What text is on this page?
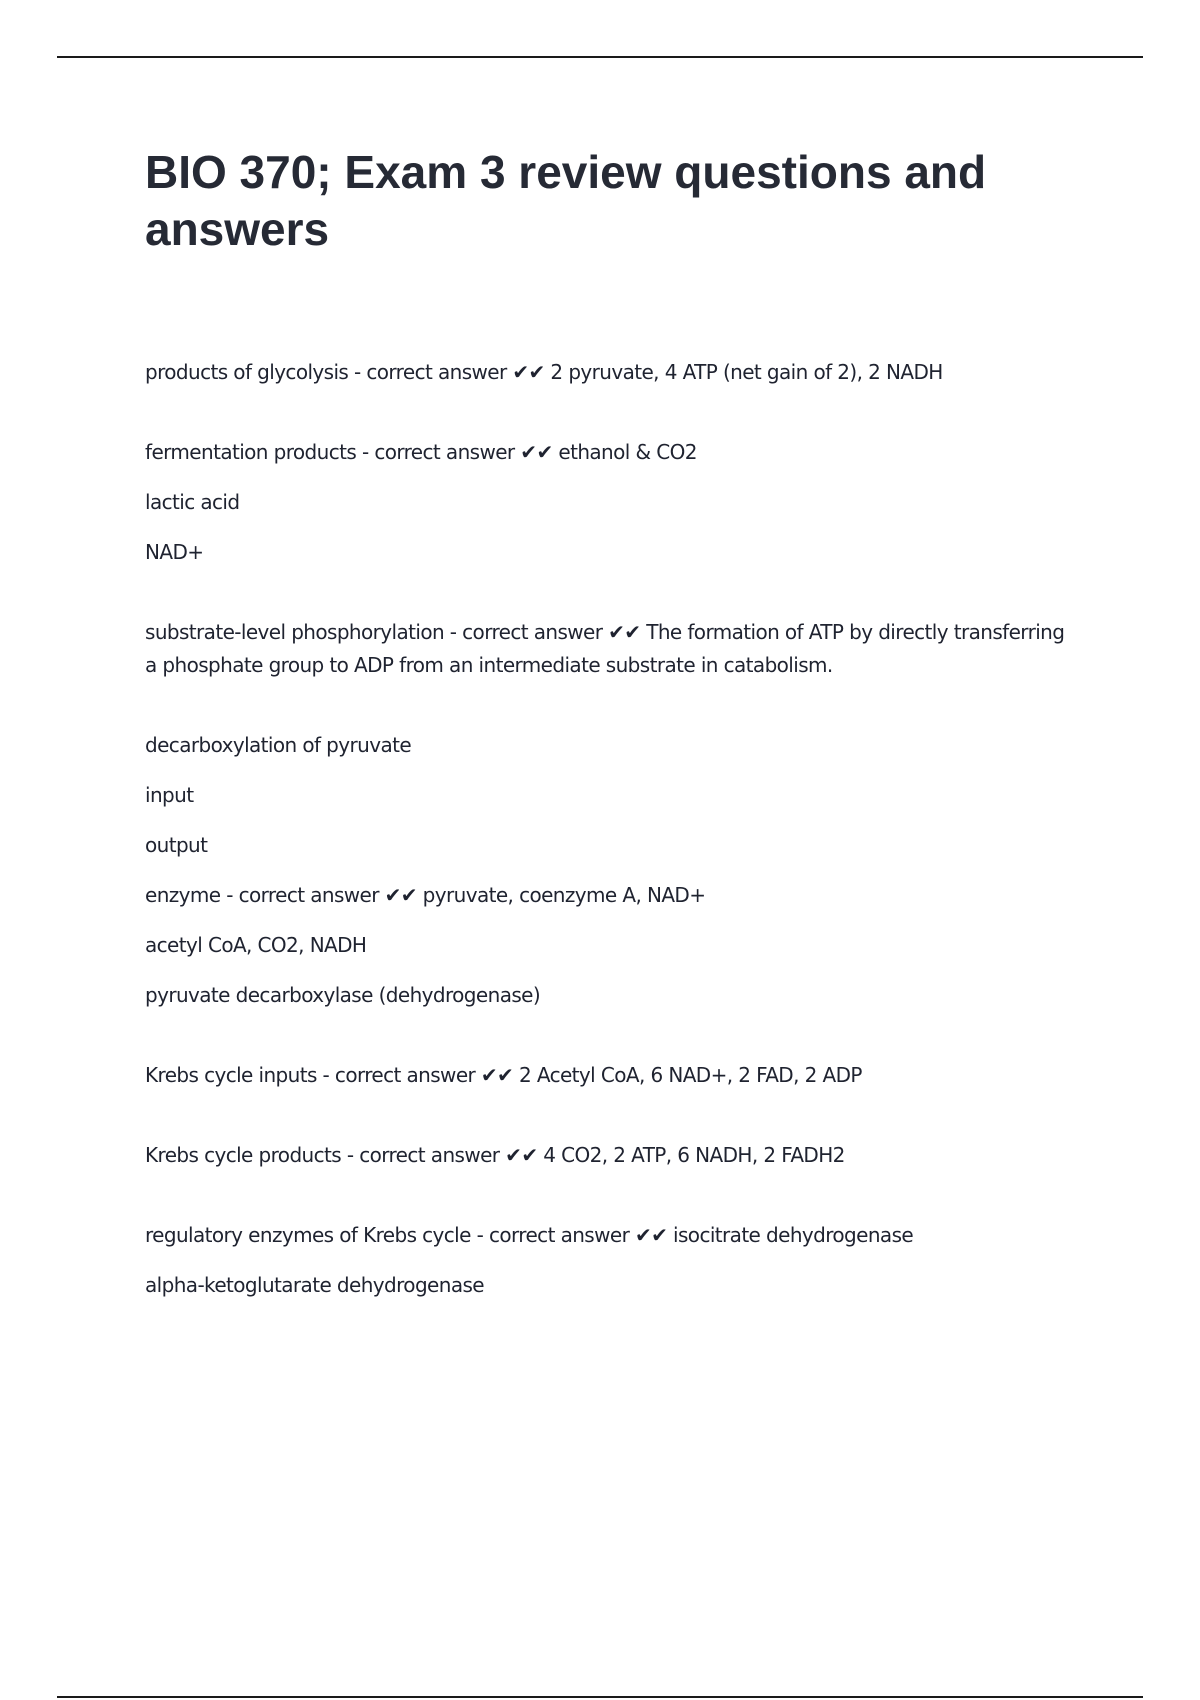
BIO 370; Exam 3 review questions and answers

products of glycolysis - correct answer ✔✔ 2 pyruvate, 4 ATP (net gain of 2), 2 NADH

fermentation products - correct answer ✔✔ ethanol & CO2

lactic acid

NAD+

substrate-level phosphorylation - correct answer ✔✔ The formation of ATP by directly transferring a phosphate group to ADP from an intermediate substrate in catabolism.

decarboxylation of pyruvate

input

output

enzyme - correct answer ✔✔ pyruvate, coenzyme A, NAD+

acetyl CoA, CO2, NADH

pyruvate decarboxylase (dehydrogenase)

Krebs cycle inputs - correct answer ✔✔ 2 Acetyl CoA, 6 NAD+, 2 FAD, 2 ADP

Krebs cycle products - correct answer ✔✔ 4 CO2, 2 ATP, 6 NADH, 2 FADH2

regulatory enzymes of Krebs cycle - correct answer ✔✔ isocitrate dehydrogenase

alpha-ketoglutarate dehydrogenase
